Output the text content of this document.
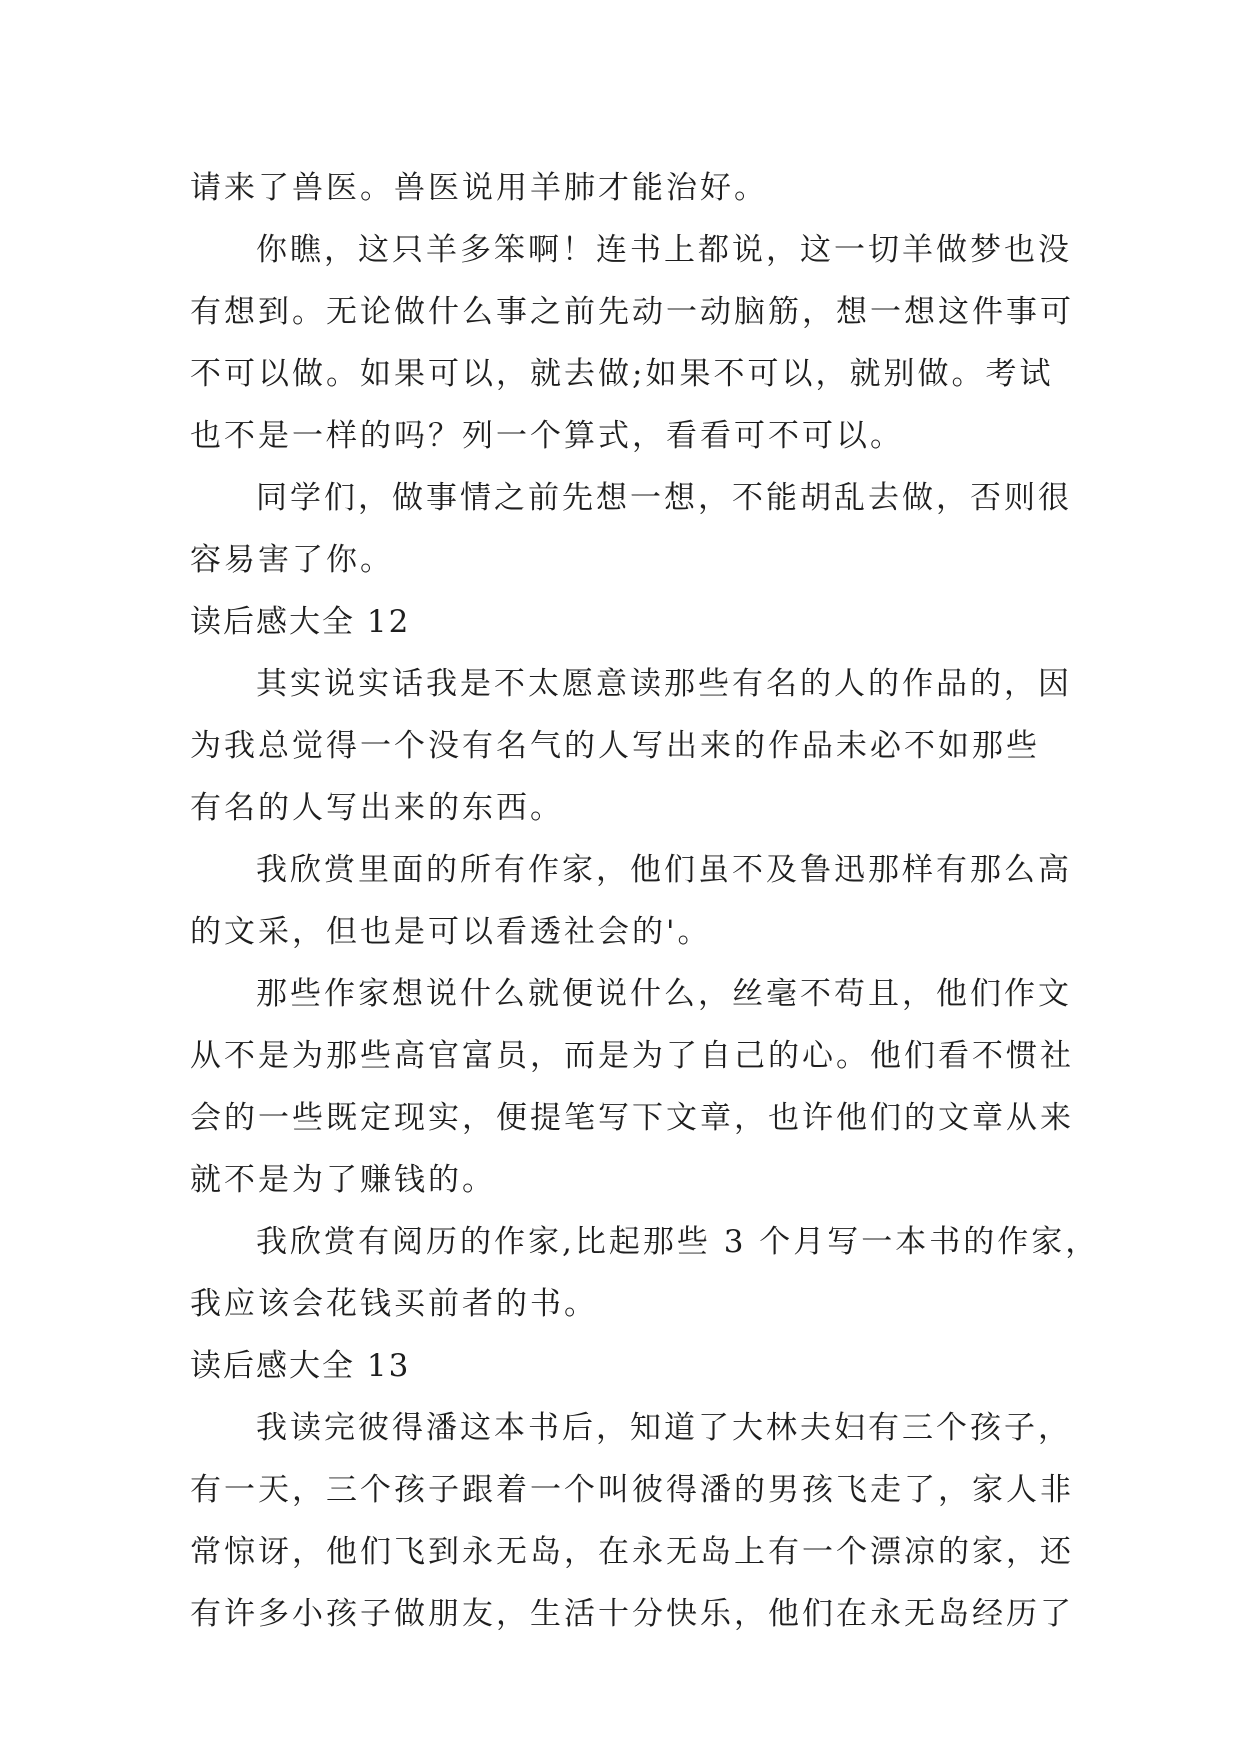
请来了兽医。兽医说用羊肺才能治好。
你瞧，这只羊多笨啊！连书上都说，这一切羊做梦也没
有想到。无论做什么事之前先动一动脑筋，想一想这件事可
不可以做。如果可以，就去做;如果不可以，就别做。考试
也不是一样的吗？列一个算式，看看可不可以。
同学们，做事情之前先想一想，不能胡乱去做，否则很
容易害了你。
读后感大全 12
其实说实话我是不太愿意读那些有名的人的作品的，因
为我总觉得一个没有名气的人写出来的作品未必不如那些
有名的人写出来的东西。
我欣赏里面的所有作家，他们虽不及鲁迅那样有那么高
的文采，但也是可以看透社会的'。
那些作家想说什么就便说什么，丝毫不苟且，他们作文
从不是为那些高官富员，而是为了自己的心。他们看不惯社
会的一些既定现实，便提笔写下文章，也许他们的文章从来
就不是为了赚钱的。
我欣赏有阅历的作家,比起那些 3 个月写一本书的作家，
我应该会花钱买前者的书。
读后感大全 13
我读完彼得潘这本书后，知道了大林夫妇有三个孩子，
有一天，三个孩子跟着一个叫彼得潘的男孩飞走了，家人非
常惊讶，他们飞到永无岛，在永无岛上有一个漂凉的家，还
有许多小孩子做朋友，生活十分快乐，他们在永无岛经历了
